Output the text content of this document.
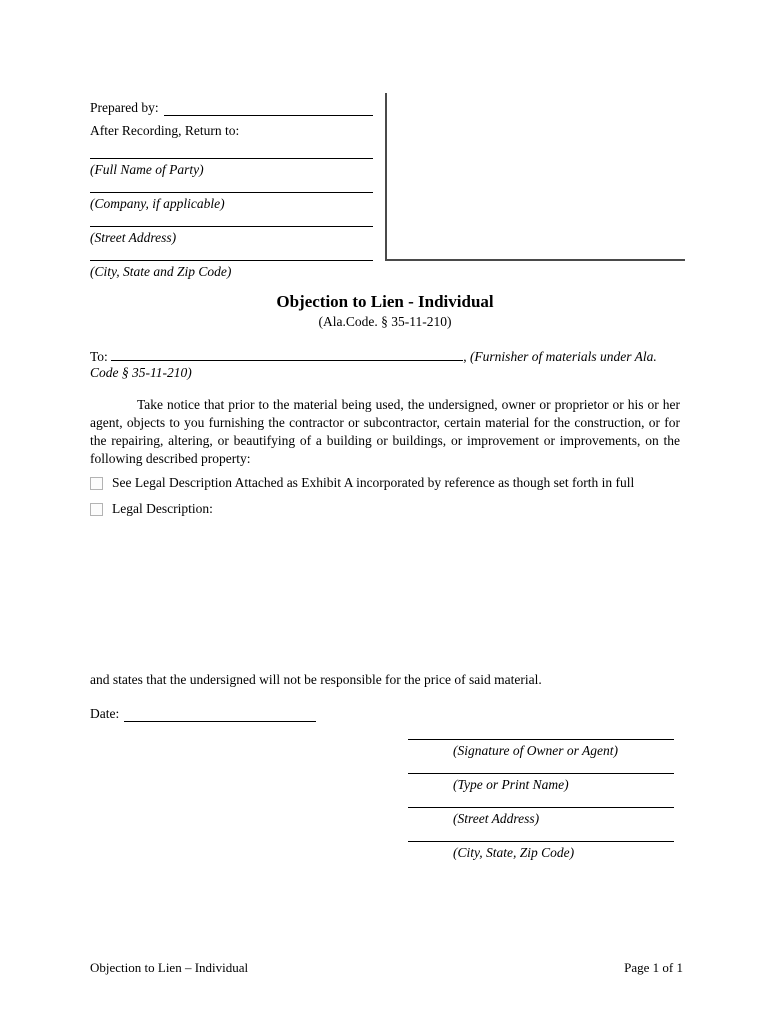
Prepared by:
After Recording, Return to:
(Full Name of Party)
(Company, if applicable)
(Street Address)
(City, State and Zip Code)
Objection to Lien - Individual
(Ala.Code. § 35-11-210)
To:	, (Furnisher of materials under Ala. Code § 35-11-210)

Take notice that prior to the material being used, the undersigned, owner or proprietor or his or her agent, objects to you furnishing the contractor or subcontractor, certain material for the construction, or for the repairing, altering, or beautifying of a building or buildings, or improvement or improvements, on the following described property:

See Legal Description Attached as Exhibit A incorporated by reference as though set forth in full
Legal Description:
and states that the undersigned will not be responsible for the price of said material.
Date:
(Signature of Owner or Agent)
(Type or Print Name)
(Street Address)
(City, State, Zip Code)
Objection to Lien – Individual	Page 1 of 1
